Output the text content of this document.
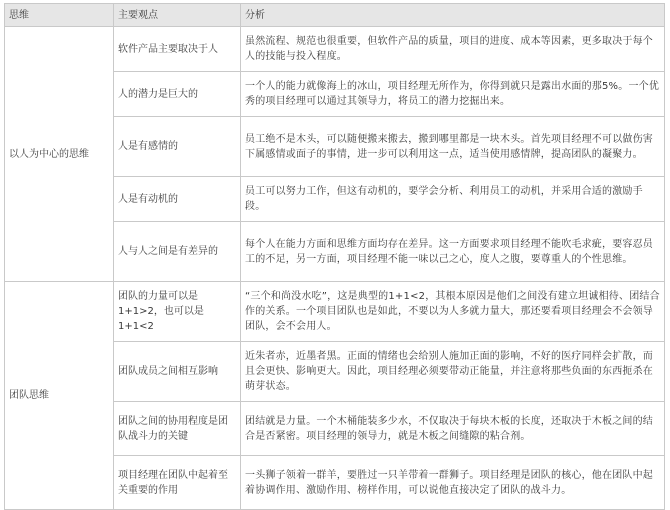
思维	主要观点	分析
以人为中心的思维	软件产品主要取决于人	虽然流程、规范也很重要，但软件产品的质量，项目的进度、成本等因素，更多取决于每个人的技能与投入程度。
	人的潜力是巨大的	一个人的能力就像海上的冰山，项目经理无所作为，你得到就只是露出水面的那5%。一个优秀的项目经理可以通过其领导力，将员工的潜力挖掘出来。
	人是有感情的	员工绝不是木头，可以随便搬来搬去，搬到哪里都是一块木头。首先项目经理不可以做伤害下属感情或面子的事情，进一步可以利用这一点，适当使用感情牌，提高团队的凝聚力。
	人是有动机的	员工可以努力工作，但这有动机的，要学会分析、利用员工的动机，并采用合适的激励手段。
	人与人之间是有差异的	每个人在能力方面和思维方面均存在差异。这一方面要求项目经理不能吹毛求疵，要容忍员工的不足，另一方面，项目经理不能一味以己之心，度人之腹，要尊重人的个性思维。
团队思维	团队的力量可以是1+1>2，也可以是1+1<2	“三个和尚没水吃”，这是典型的1+1<2，其根本原因是他们之间没有建立坦诚相待、团结合作的关系。一个项目团队也是如此，不要以为人多就力量大，那还要看项目经理会不会领导团队，会不会用人。
	团队成员之间相互影响	近朱者赤，近墨者黑。正面的情绪也会给别人施加正面的影响，不好的医疗同样会扩散，而且会更快、影响更大。因此，项目经理必须要带动正能量，并注意将那些负面的东西扼杀在萌芽状态。
	团队之间的协用程度是团队战斗力的关键	团结就是力量。一个木桶能装多少水，不仅取决于每块木板的长度，还取决于木板之间的结合是否紧密。项目经理的领导力，就是木板之间缝隙的粘合剂。
	项目经理在团队中起着至关重要的作用	一头狮子领着一群羊，要胜过一只羊带着一群狮子。项目经理是团队的核心，他在团队中起着协调作用、激励作用、榜样作用，可以说他直接决定了团队的战斗力。
